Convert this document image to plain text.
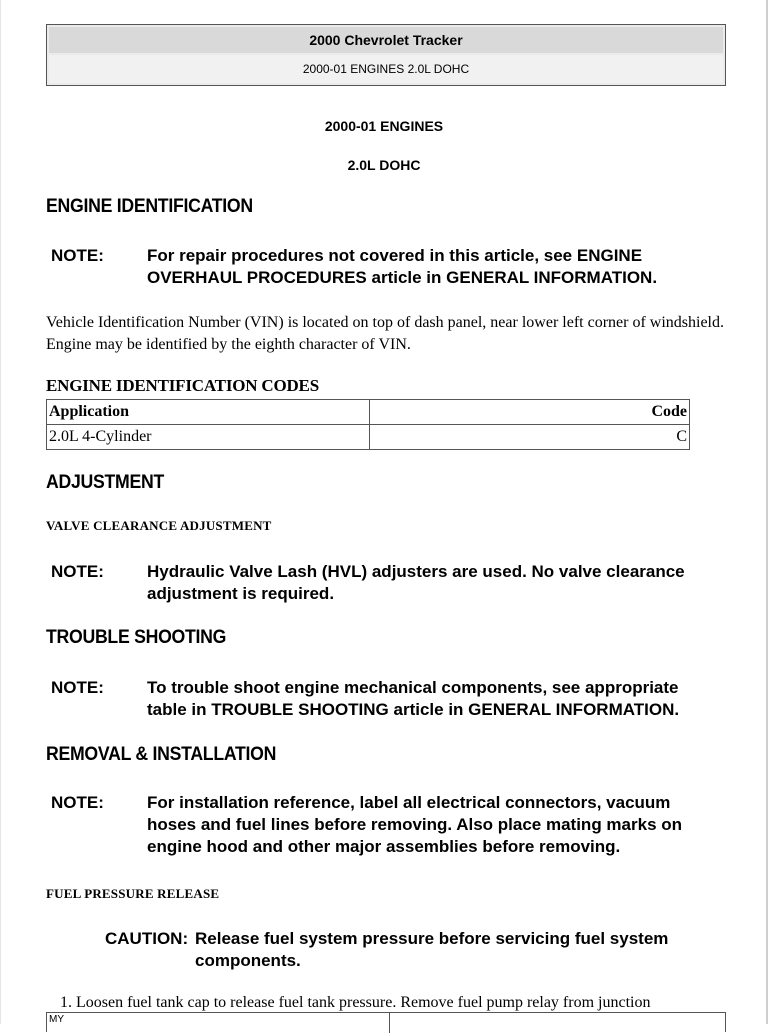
2000 Chevrolet Tracker
2000-01 ENGINES 2.0L DOHC
2000-01 ENGINES
2.0L DOHC
ENGINE IDENTIFICATION
NOTE:	For repair procedures not covered in this article, see ENGINE OVERHAUL PROCEDURES article in GENERAL INFORMATION.
Vehicle Identification Number (VIN) is located on top of dash panel, near lower left corner of windshield. Engine may be identified by the eighth character of VIN.
ENGINE IDENTIFICATION CODES
Application	Code
2.0L 4-Cylinder	C
ADJUSTMENT
VALVE CLEARANCE ADJUSTMENT
NOTE:	Hydraulic Valve Lash (HVL) adjusters are used. No valve clearance adjustment is required.
TROUBLE SHOOTING
NOTE:	To trouble shoot engine mechanical components, see appropriate table in TROUBLE SHOOTING article in GENERAL INFORMATION.
REMOVAL & INSTALLATION
NOTE:	For installation reference, label all electrical connectors, vacuum hoses and fuel lines before removing. Also place mating marks on engine hood and other major assemblies before removing.
FUEL PRESSURE RELEASE
CAUTION: Release fuel system pressure before servicing fuel system components.
1. Loosen fuel tank cap to release fuel tank pressure. Remove fuel pump relay from junction
MY
